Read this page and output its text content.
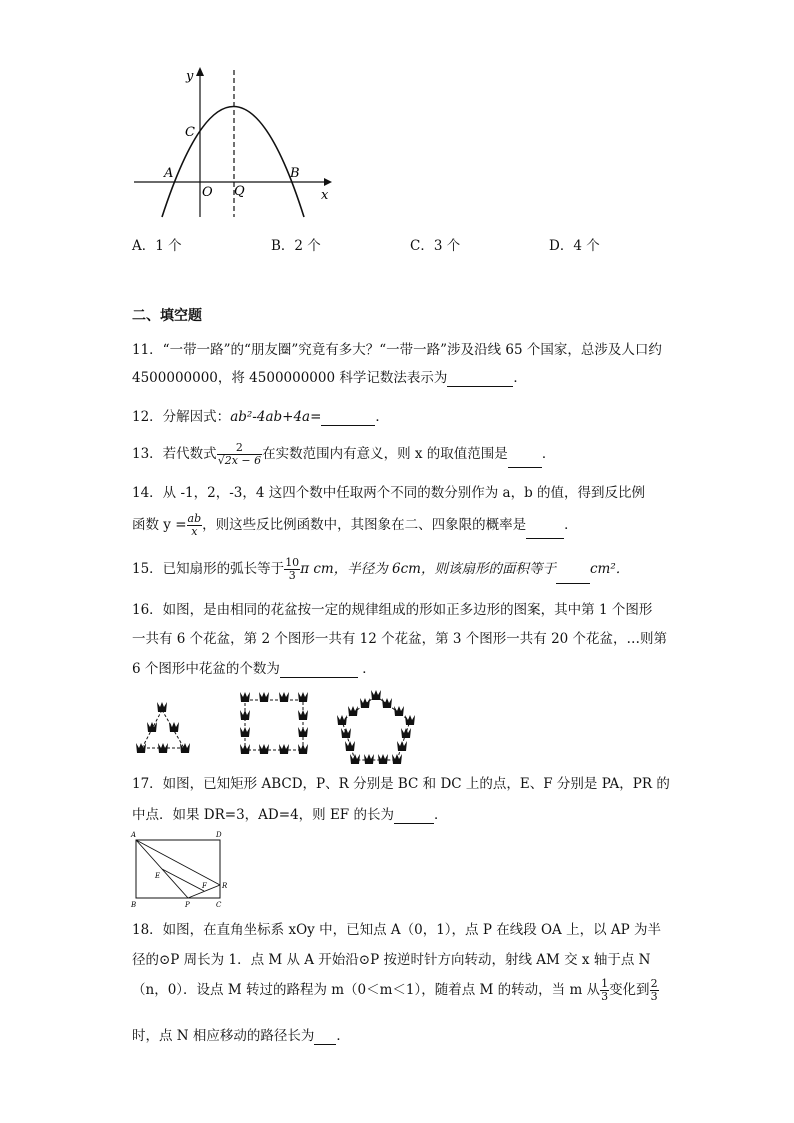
y
x
A	B
C
O Q
A．1 个	B．2 个	C．3 个	D．4 个
二、填空题
11．“一带一路”的“朋友圈”究竟有多大？“一带一路”涉及沿线 65 个国家，总涉及人口约
4500000000，将 4500000000 科学记数法表示为	．
12．分解因式：ab²-4ab+4a=	．
13．若代数式 $\frac{2}{√2x - 6}$ 在实数范围内有意义，则 x 的取值范围是	．
14．从 -1，2，-3，4 这四个数中任取两个不同的数分别作为 a，b 的值，得到反比例
函数 $y = \frac{ab}{x}$ ，则这些反比例函数中，其图象在二、四象限的概率是	．
15．已知扇形的弧长等于 $\frac{10}{3}$ π cm，半径为 6cm，则该扇形的面积等于	cm²．
16．如图，是由相同的花盆按一定的规律组成的形如正多边形的图案，其中第 1 个图形
一共有 6 个花盆，第 2 个图形一共有 12 个花盆，第 3 个图形一共有 20 个花盆，…则第
6 个图形中花盆的个数为	．
17．如图，已知矩形 ABCD，P、R 分别是 BC 和 DC 上的点，E、F 分别是 PA，PR 的
中点．如果 DR=3，AD=4，则 EF 的长为	．
A	D
B	C
E
F
P
R
18．如图，在直角坐标系 xOy 中，已知点 A（0，1），点 P 在线段 OA 上，以 AP 为半
径的⊙P 周长为 1．点 M 从 A 开始沿⊙P 按逆时针方向转动，射线 AM 交 x 轴于点 N
（n，0）．设点 M 转过的路程为 m（0＜m＜1），随着点 M 的转动，当 m 从 $\frac{1}{3}$ 变化到 $\frac{2}{3}$
时，点 N 相应移动的路径长为 ．
